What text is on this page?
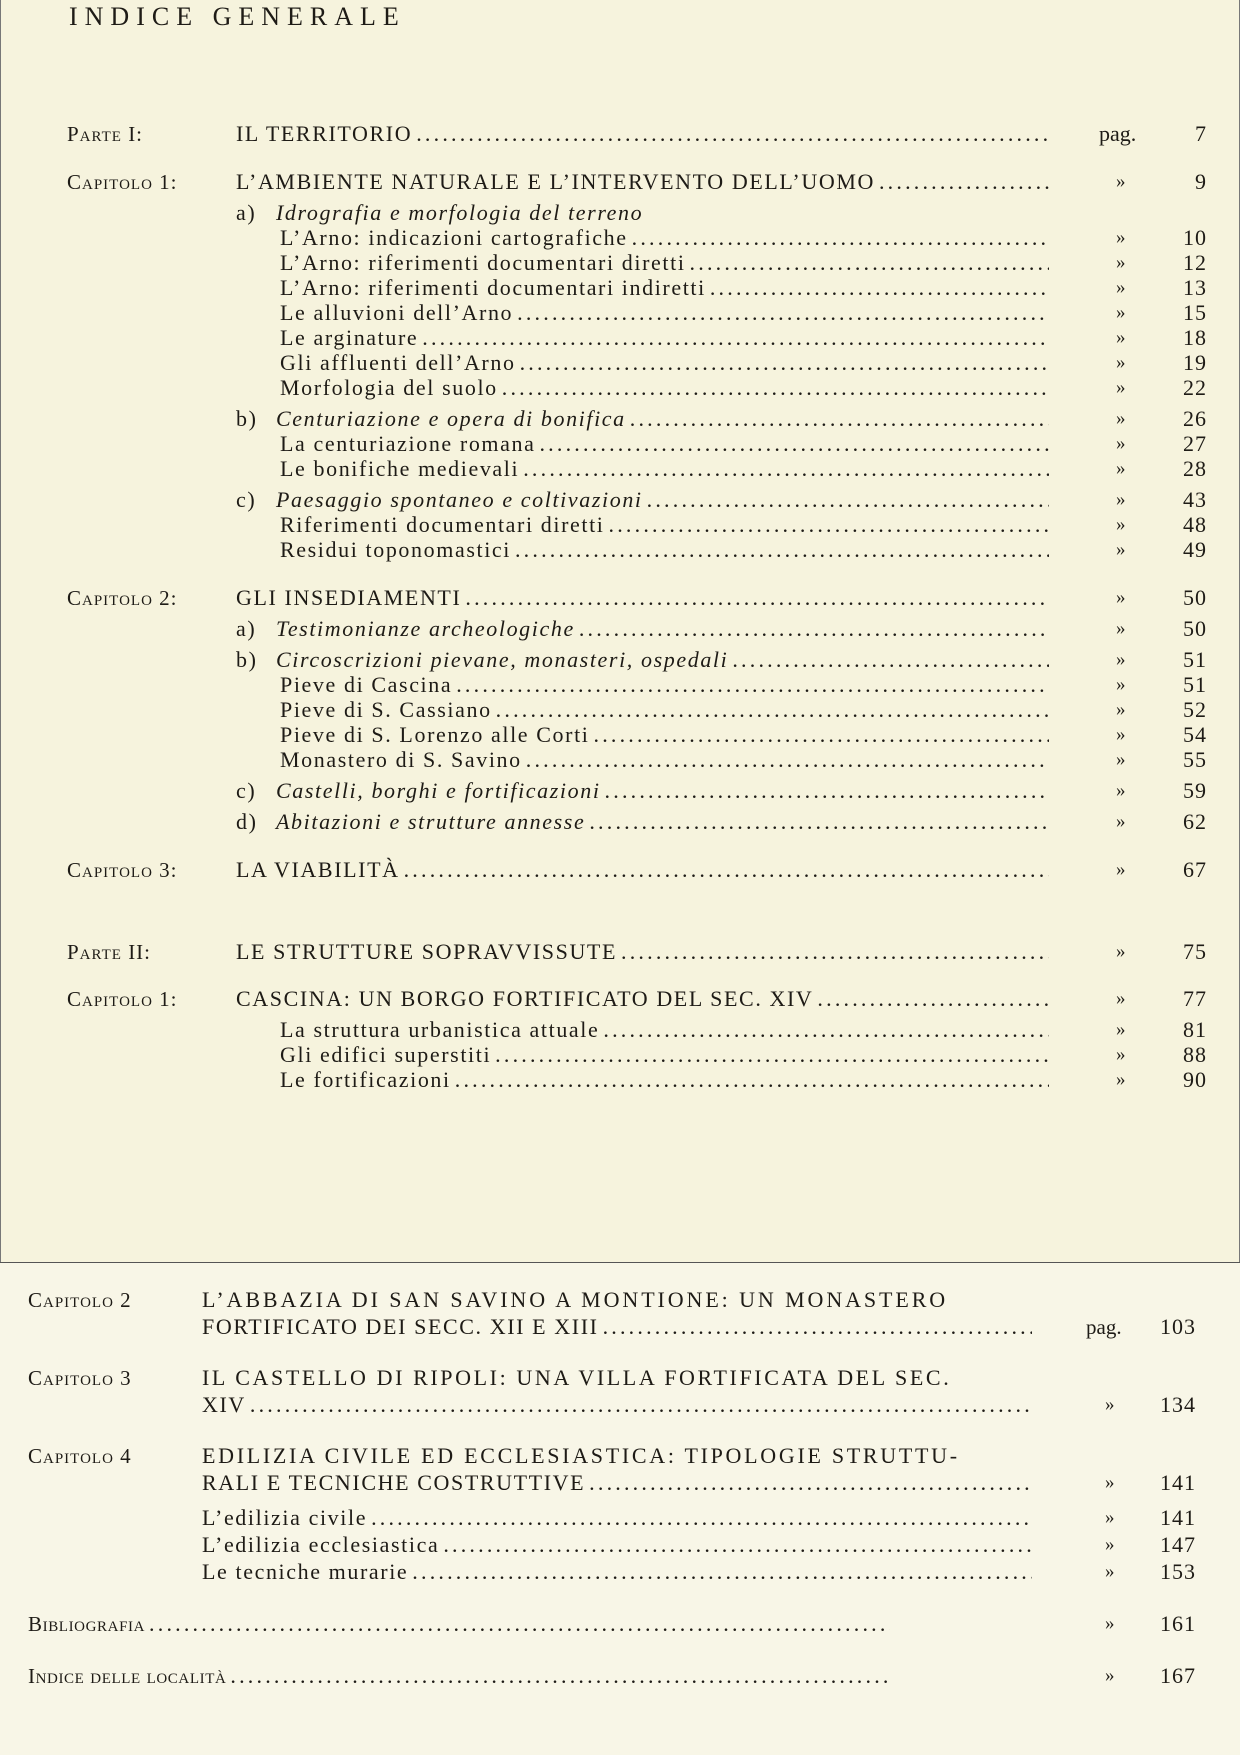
INDICE GENERALE
Parte I:	IL TERRITORIO .....	pag.	7
Capitolo 1:	L’AMBIENTE NATURALE E L’INTERVENTO DELL’UOMO .....	»	9
a) Idrografia e morfologia del terreno
L’Arno: indicazioni cartografiche .....	»	10
L’Arno: riferimenti documentari diretti .....	»	12
L’Arno: riferimenti documentari indiretti .....	»	13
Le alluvioni dell’Arno .....	»	15
Le arginature .....	»	18
Gli affluenti dell’Arno .....	»	19
Morfologia del suolo .....	»	22
b) Centuriazione e opera di bonifica .....	»	26
La centuriazione romana .....	»	27
Le bonifiche medievali .....	»	28
c) Paesaggio spontaneo e coltivazioni .....	»	43
Riferimenti documentari diretti .....	»	48
Residui toponomastici .....	»	49
Capitolo 2:	GLI INSEDIAMENTI .....	»	50
a) Testimonianze archeologiche .....	»	50
b) Circoscrizioni pievane, monasteri, ospedali .....	»	51
Pieve di Cascina .....	»	51
Pieve di S. Cassiano .....	»	52
Pieve di S. Lorenzo alle Corti .....	»	54
Monastero di S. Savino .....	»	55
c) Castelli, borghi e fortificazioni .....	»	59
d) Abitazioni e strutture annesse .....	»	62
Capitolo 3:	LA VIABILITÀ .....	»	67
Parte II:	LE STRUTTURE SOPRAVVISSUTE .....	»	75
Capitolo 1:	CASCINA: UN BORGO FORTIFICATO DEL SEC. XIV .....	»	77
La struttura urbanistica attuale .....	»	81
Gli edifici superstiti .....	»	88
Le fortificazioni .....	»	90
Capitolo 2	L’ABBAZIA DI SAN SAVINO A MONTIONE: UN MONASTERO
FORTIFICATO DEI SECC. XII E XIII .....	pag.	103
Capitolo 3	IL CASTELLO DI RIPOLI: UNA VILLA FORTIFICATA DEL SEC.
XIV .....	»	134
Capitolo 4	EDILIZIA CIVILE ED ECCLESIASTICA: TIPOLOGIE STRUTTU-
RALI E TECNICHE COSTRUTTIVE .....	»	141
L’edilizia civile .....	»	141
L’edilizia ecclesiastica .....	»	147
Le tecniche murarie .....	»	153
Bibliografia .....	»	161
Indice delle località .....	»	167
